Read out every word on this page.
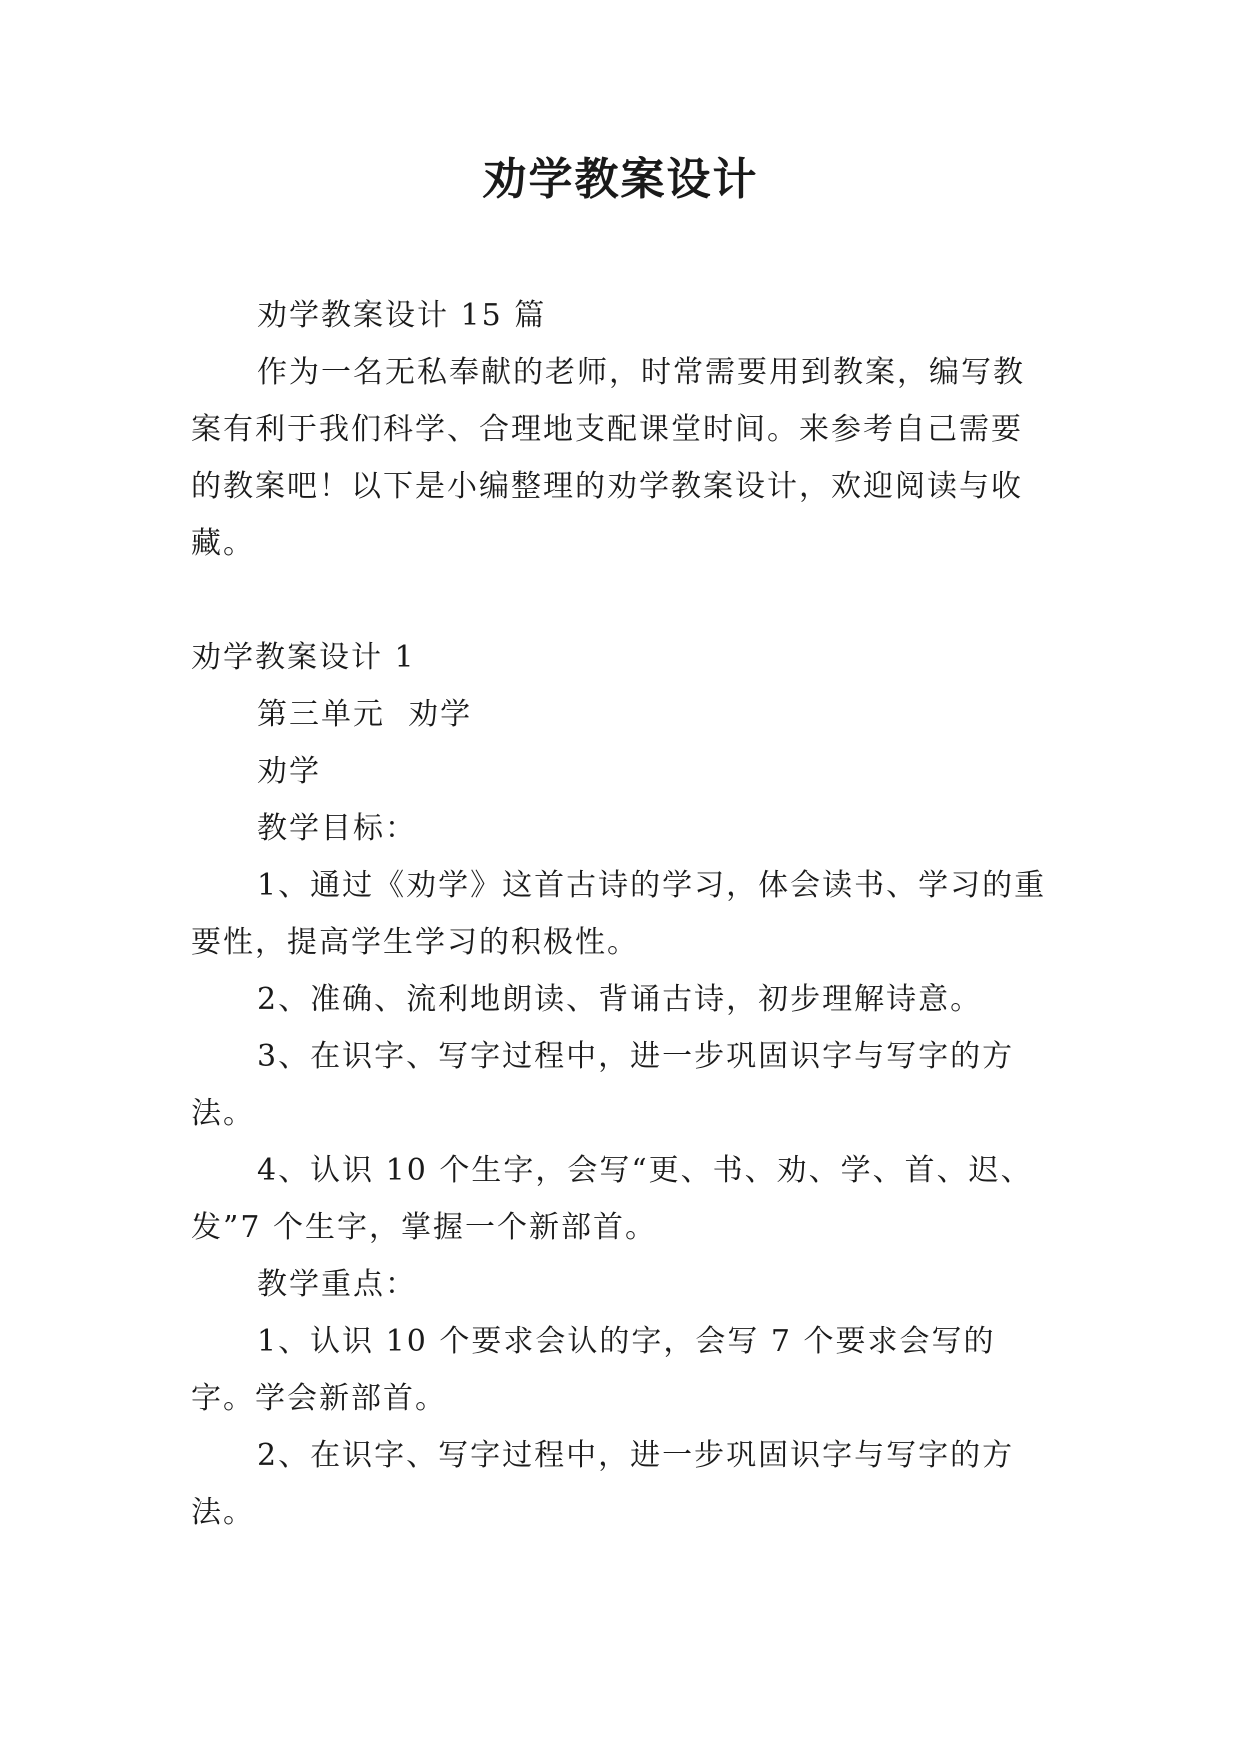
劝学教案设计

劝学教案设计 15 篇

作为一名无私奉献的老师，时常需要用到教案，编写教案有利于我们科学、合理地支配课堂时间。来参考自己需要的教案吧！以下是小编整理的劝学教案设计，欢迎阅读与收藏。

劝学教案设计 1

第三单元  劝学

劝学

教学目标：

1、通过《劝学》这首古诗的学习，体会读书、学习的重要性，提高学生学习的积极性。

2、准确、流利地朗读、背诵古诗，初步理解诗意。

3、在识字、写字过程中，进一步巩固识字与写字的方法。

4、认识 10 个生字，会写“更、书、劝、学、首、迟、发”7 个生字，掌握一个新部首。

教学重点：

1、认识 10 个要求会认的字，会写 7 个要求会写的字。学会新部首。

2、在识字、写字过程中，进一步巩固识字与写字的方法。
